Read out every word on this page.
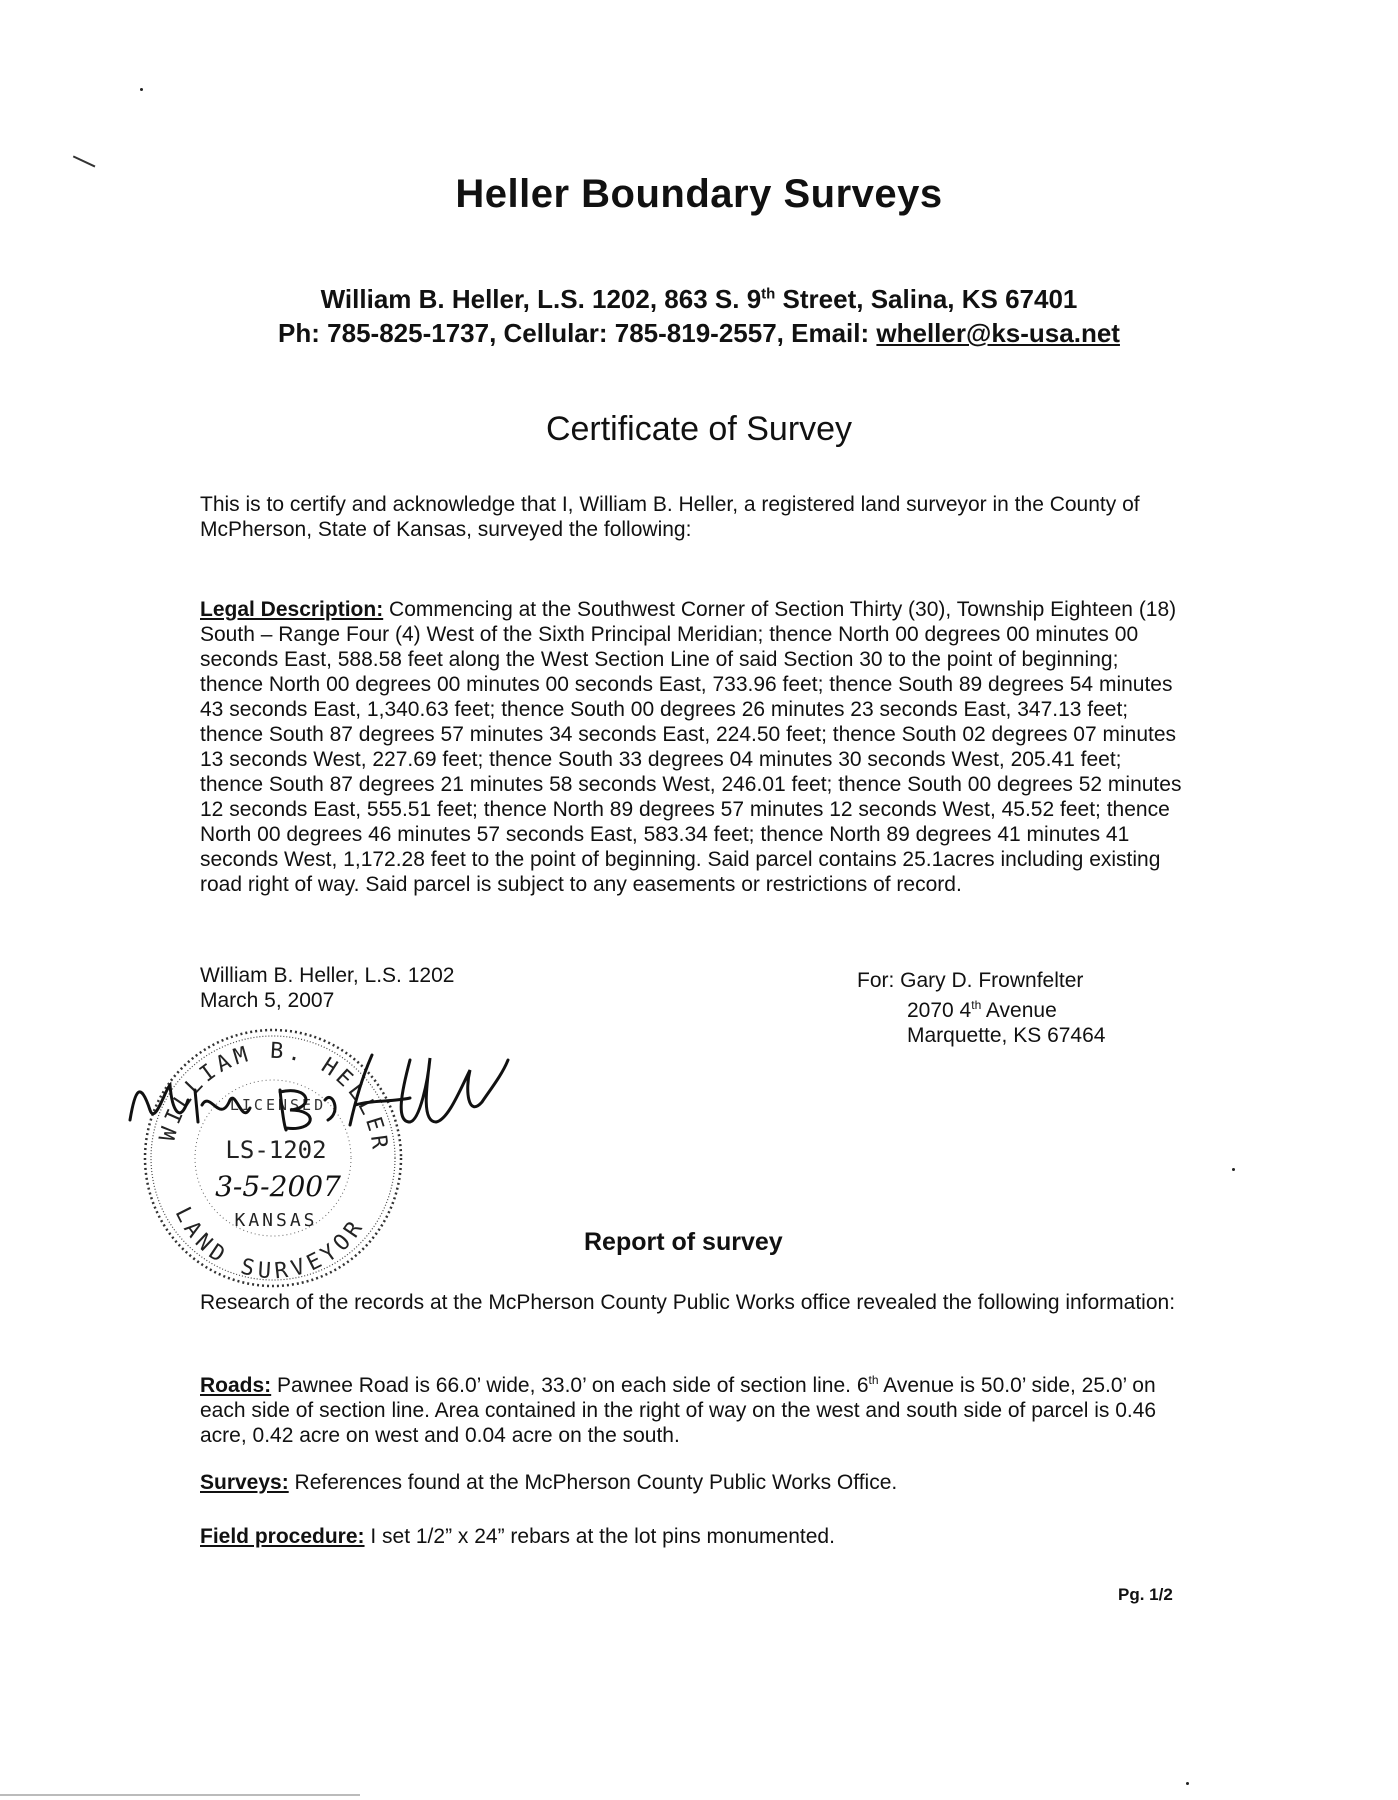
Heller Boundary Surveys
William B. Heller, L.S. 1202, 863 S. 9th Street, Salina, KS 67401
Ph: 785-825-1737, Cellular: 785-819-2557, Email: wheller@ks-usa.net
Certificate of Survey
This is to certify and acknowledge that I, William B. Heller, a registered land surveyor in the County of McPherson, State of Kansas, surveyed the following:
Legal Description: Commencing at the Southwest Corner of Section Thirty (30), Township Eighteen (18) South – Range Four (4) West of the Sixth Principal Meridian; thence North 00 degrees 00 minutes 00 seconds East, 588.58 feet along the West Section Line of said Section 30 to the point of beginning; thence North 00 degrees 00 minutes 00 seconds East, 733.96 feet; thence South 89 degrees 54 minutes 43 seconds East, 1,340.63 feet; thence South 00 degrees 26 minutes 23 seconds East, 347.13 feet; thence South 87 degrees 57 minutes 34 seconds East, 224.50 feet; thence South 02 degrees 07 minutes 13 seconds West, 227.69 feet; thence South 33 degrees 04 minutes 30 seconds West, 205.41 feet; thence South 87 degrees 21 minutes 58 seconds West, 246.01 feet; thence South 00 degrees 52 minutes 12 seconds East, 555.51 feet; thence North 89 degrees 57 minutes 12 seconds West, 45.52 feet; thence North 00 degrees 46 minutes 57 seconds East, 583.34 feet; thence North 89 degrees 41 minutes 41 seconds West, 1,172.28 feet to the point of beginning. Said parcel contains 25.1acres including existing road right of way. Said parcel is subject to any easements or restrictions of record.
William B. Heller, L.S. 1202
March 5, 2007
For: Gary D. Frownfelter
2070 4th Avenue
Marquette, KS 67464
WILLIAM B. HELLER
LAND SURVEYOR
LICENSED
LS-1202
3-5-2007
KANSAS
William B. Heller
Report of survey
Research of the records at the McPherson County Public Works office revealed the following information:
Roads: Pawnee Road is 66.0’ wide, 33.0’ on each side of section line. 6th Avenue is 50.0’ side, 25.0’ on each side of section line. Area contained in the right of way on the west and south side of parcel is 0.46 acre, 0.42 acre on west and 0.04 acre on the south.
Surveys: References found at the McPherson County Public Works Office.
Field procedure: I set 1/2” x 24” rebars at the lot pins monumented.
Pg. 1/2
